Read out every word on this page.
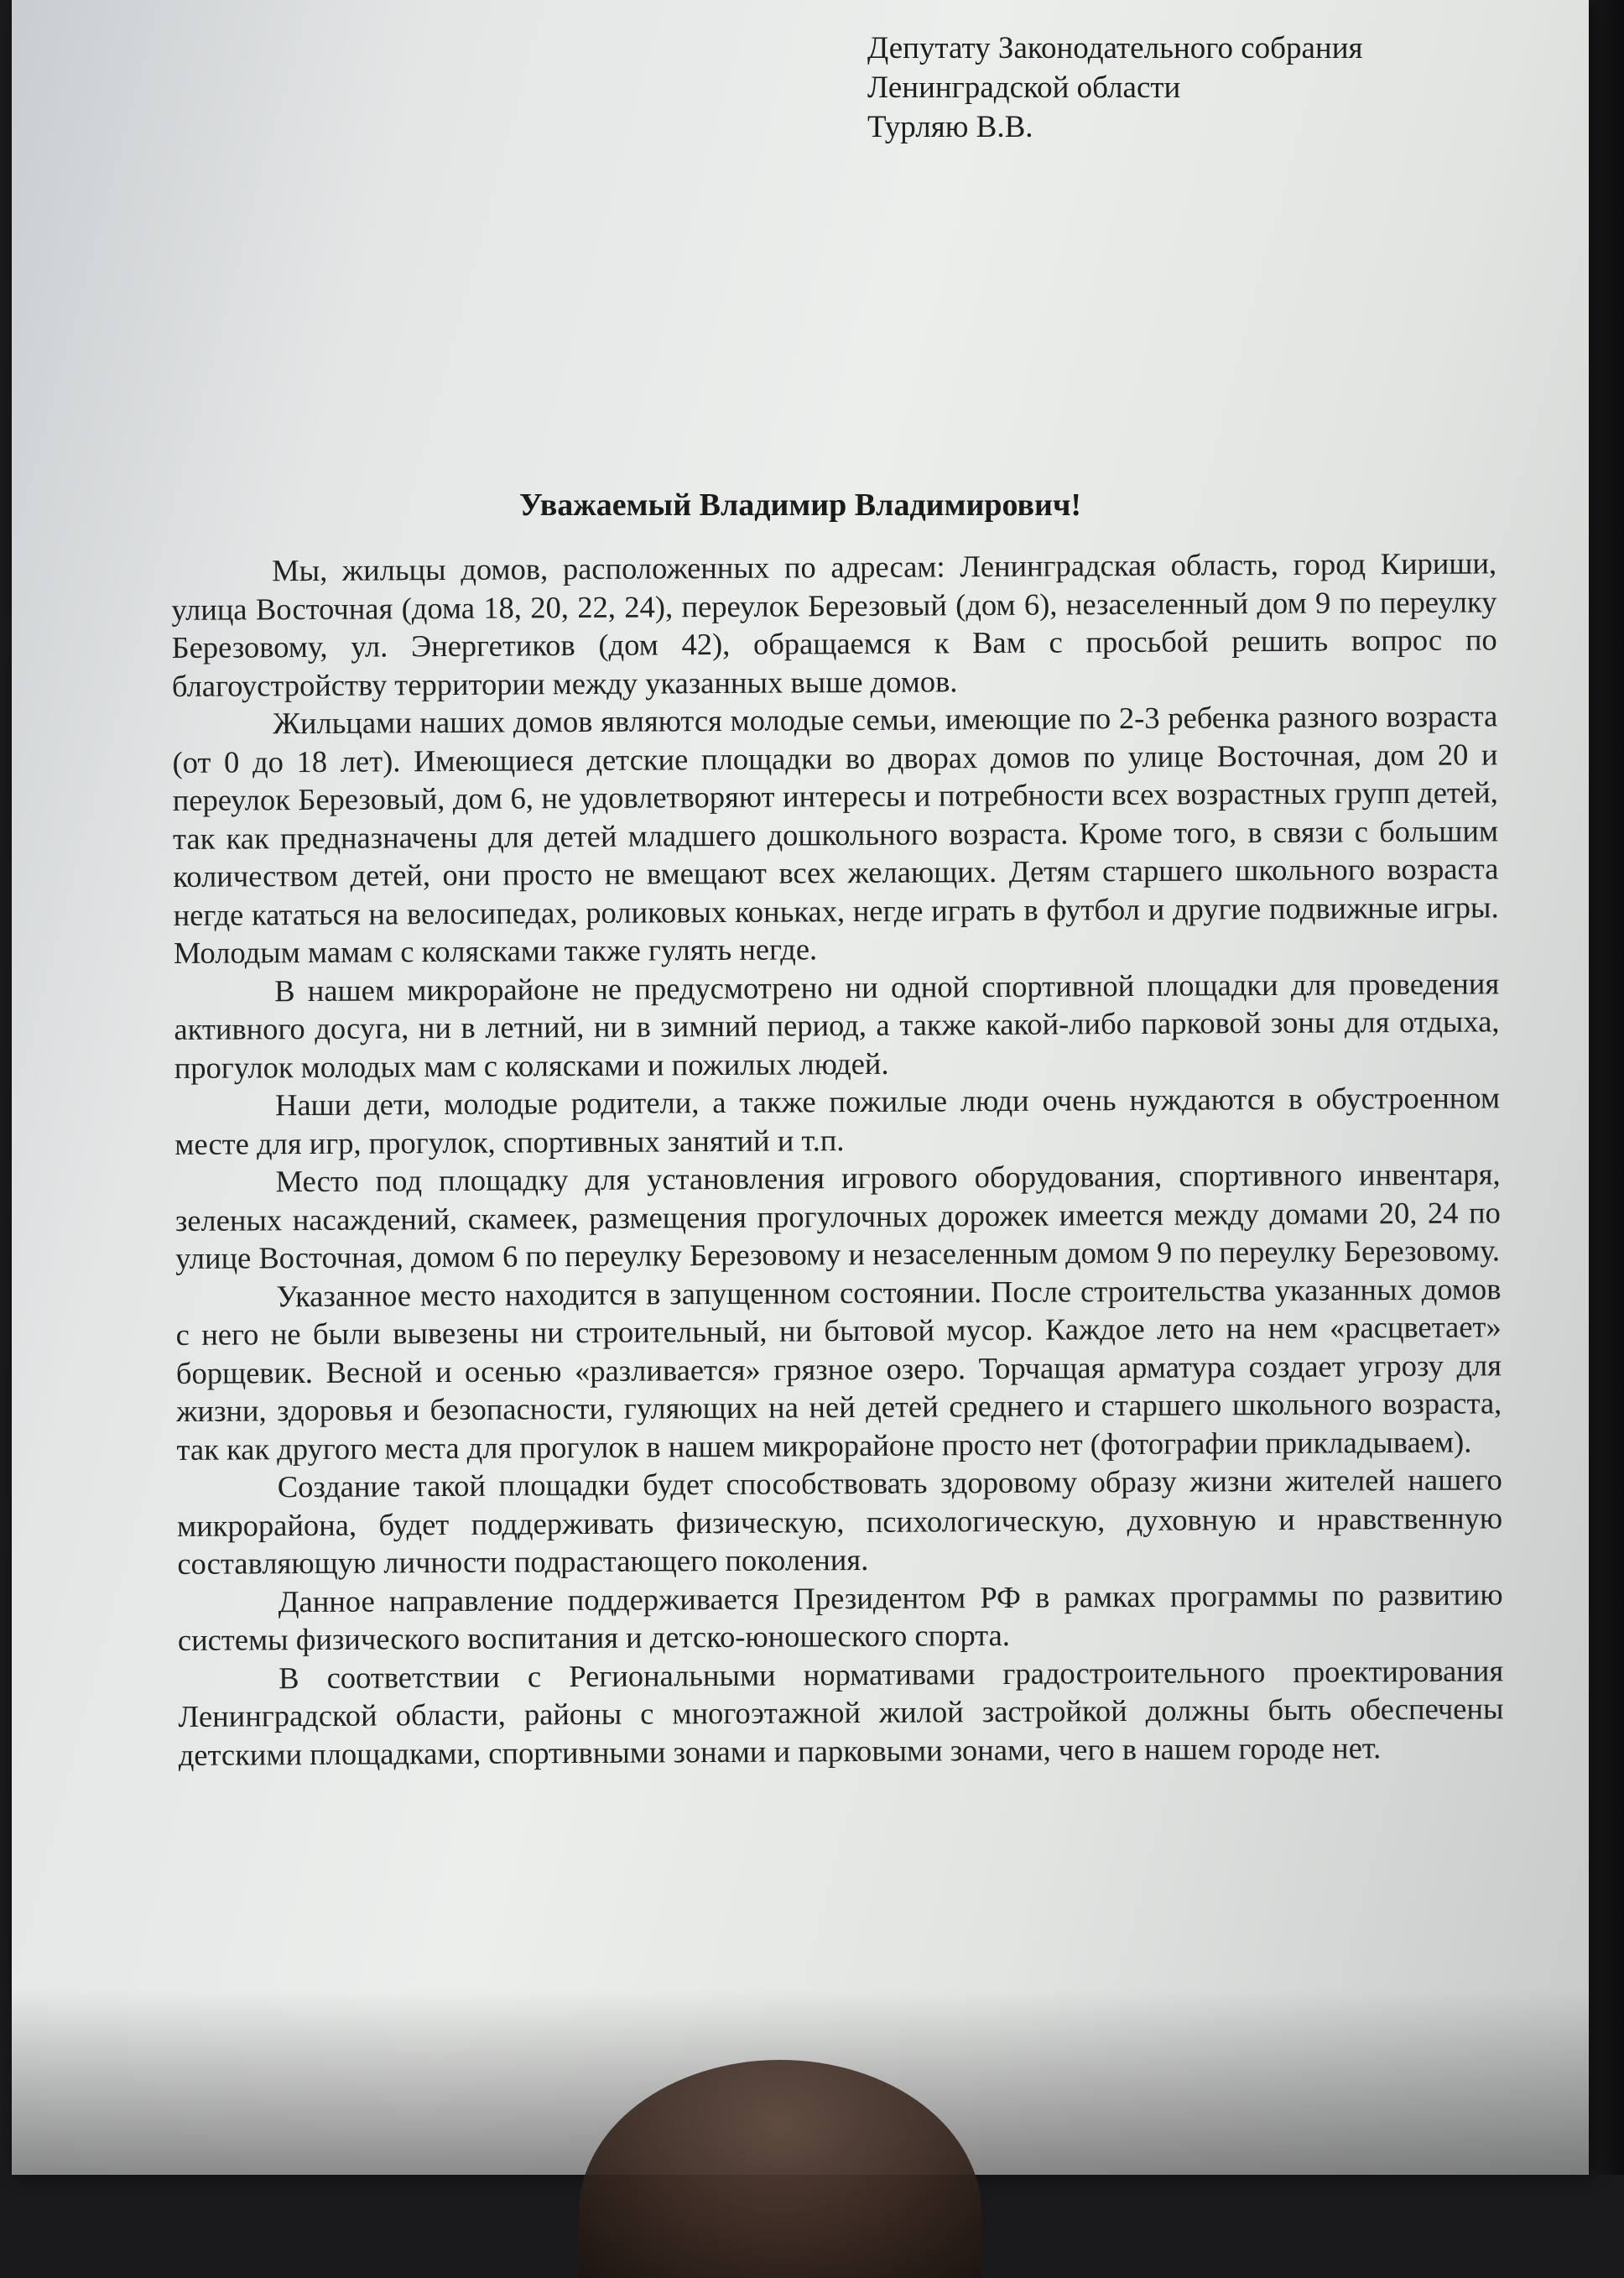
Депутату Законодательного собрания
Ленинградской области
Турляю В.В.
Уважаемый Владимир Владимирович!

Мы, жильцы домов, расположенных по адресам: Ленинградская область, город Кириши, улица Восточная (дома 18, 20, 22, 24), переулок Березовый (дом 6), незаселенный дом 9 по переулку Березовому, ул. Энергетиков (дом 42), обращаемся к Вам с просьбой решить вопрос по благоустройству территории между указанных выше домов.

Жильцами наших домов являются молодые семьи, имеющие по 2-3 ребенка разного возраста (от 0 до 18 лет). Имеющиеся детские площадки во дворах домов по улице Восточная, дом 20 и переулок Березовый, дом 6, не удовлетворяют интересы и потребности всех возрастных групп детей, так как предназначены для детей младшего дошкольного возраста. Кроме того, в связи с большим количеством детей, они просто не вмещают всех желающих. Детям старшего школьного возраста негде кататься на велосипедах, роликовых коньках, негде играть в футбол и другие подвижные игры. Молодым мамам с колясками также гулять негде.

В нашем микрорайоне не предусмотрено ни одной спортивной площадки для проведения активного досуга, ни в летний, ни в зимний период, а также какой-либо парковой зоны для отдыха, прогулок молодых мам с колясками и пожилых людей.

Наши дети, молодые родители, а также пожилые люди очень нуждаются в обустроенном месте для игр, прогулок, спортивных занятий и т.п.

Место под площадку для установления игрового оборудования, спортивного инвентаря, зеленых насаждений, скамеек, размещения прогулочных дорожек имеется между домами 20, 24 по улице Восточная, домом 6 по переулку Березовому и незаселенным домом 9 по переулку Березовому.

Указанное место находится в запущенном состоянии. После строительства указанных домов с него не были вывезены ни строительный, ни бытовой мусор. Каждое лето на нем «расцветает» борщевик. Весной и осенью «разливается» грязное озеро. Торчащая арматура создает угрозу для жизни, здоровья и безопасности, гуляющих на ней детей среднего и старшего школьного возраста, так как другого места для прогулок в нашем микрорайоне просто нет (фотографии прикладываем).

Создание такой площадки будет способствовать здоровому образу жизни жителей нашего микрорайона, будет поддерживать физическую, психологическую, духовную и нравственную составляющую личности подрастающего поколения.

Данное направление поддерживается Президентом РФ в рамках программы по развитию системы физического воспитания и детско-юношеского спорта.

В соответствии с Региональными нормативами градостроительного проектирования Ленинградской области, районы с многоэтажной жилой застройкой должны быть обеспечены детскими площадками, спортивными зонами и парковыми зонами, чего в нашем городе нет.
